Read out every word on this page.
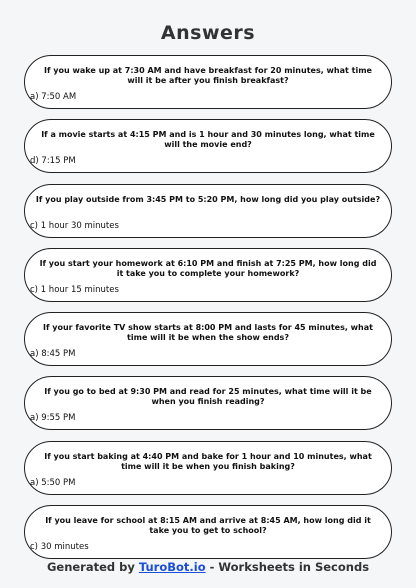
Answers
If you wake up at 7:30 AM and have breakfast for 20 minutes, what time will it be after you finish breakfast?
a) 7:50 AM
If a movie starts at 4:15 PM and is 1 hour and 30 minutes long, what time will the movie end?
d) 7:15 PM
If you play outside from 3:45 PM to 5:20 PM, how long did you play outside?
c) 1 hour 30 minutes
If you start your homework at 6:10 PM and finish at 7:25 PM, how long did it take you to complete your homework?
c) 1 hour 15 minutes
If your favorite TV show starts at 8:00 PM and lasts for 45 minutes, what time will it be when the show ends?
a) 8:45 PM
If you go to bed at 9:30 PM and read for 25 minutes, what time will it be when you finish reading?
a) 9:55 PM
If you start baking at 4:40 PM and bake for 1 hour and 10 minutes, what time will it be when you finish baking?
a) 5:50 PM
If you leave for school at 8:15 AM and arrive at 8:45 AM, how long did it take you to get to school?
c) 30 minutes
Generated by TuroBot.io - Worksheets in Seconds
